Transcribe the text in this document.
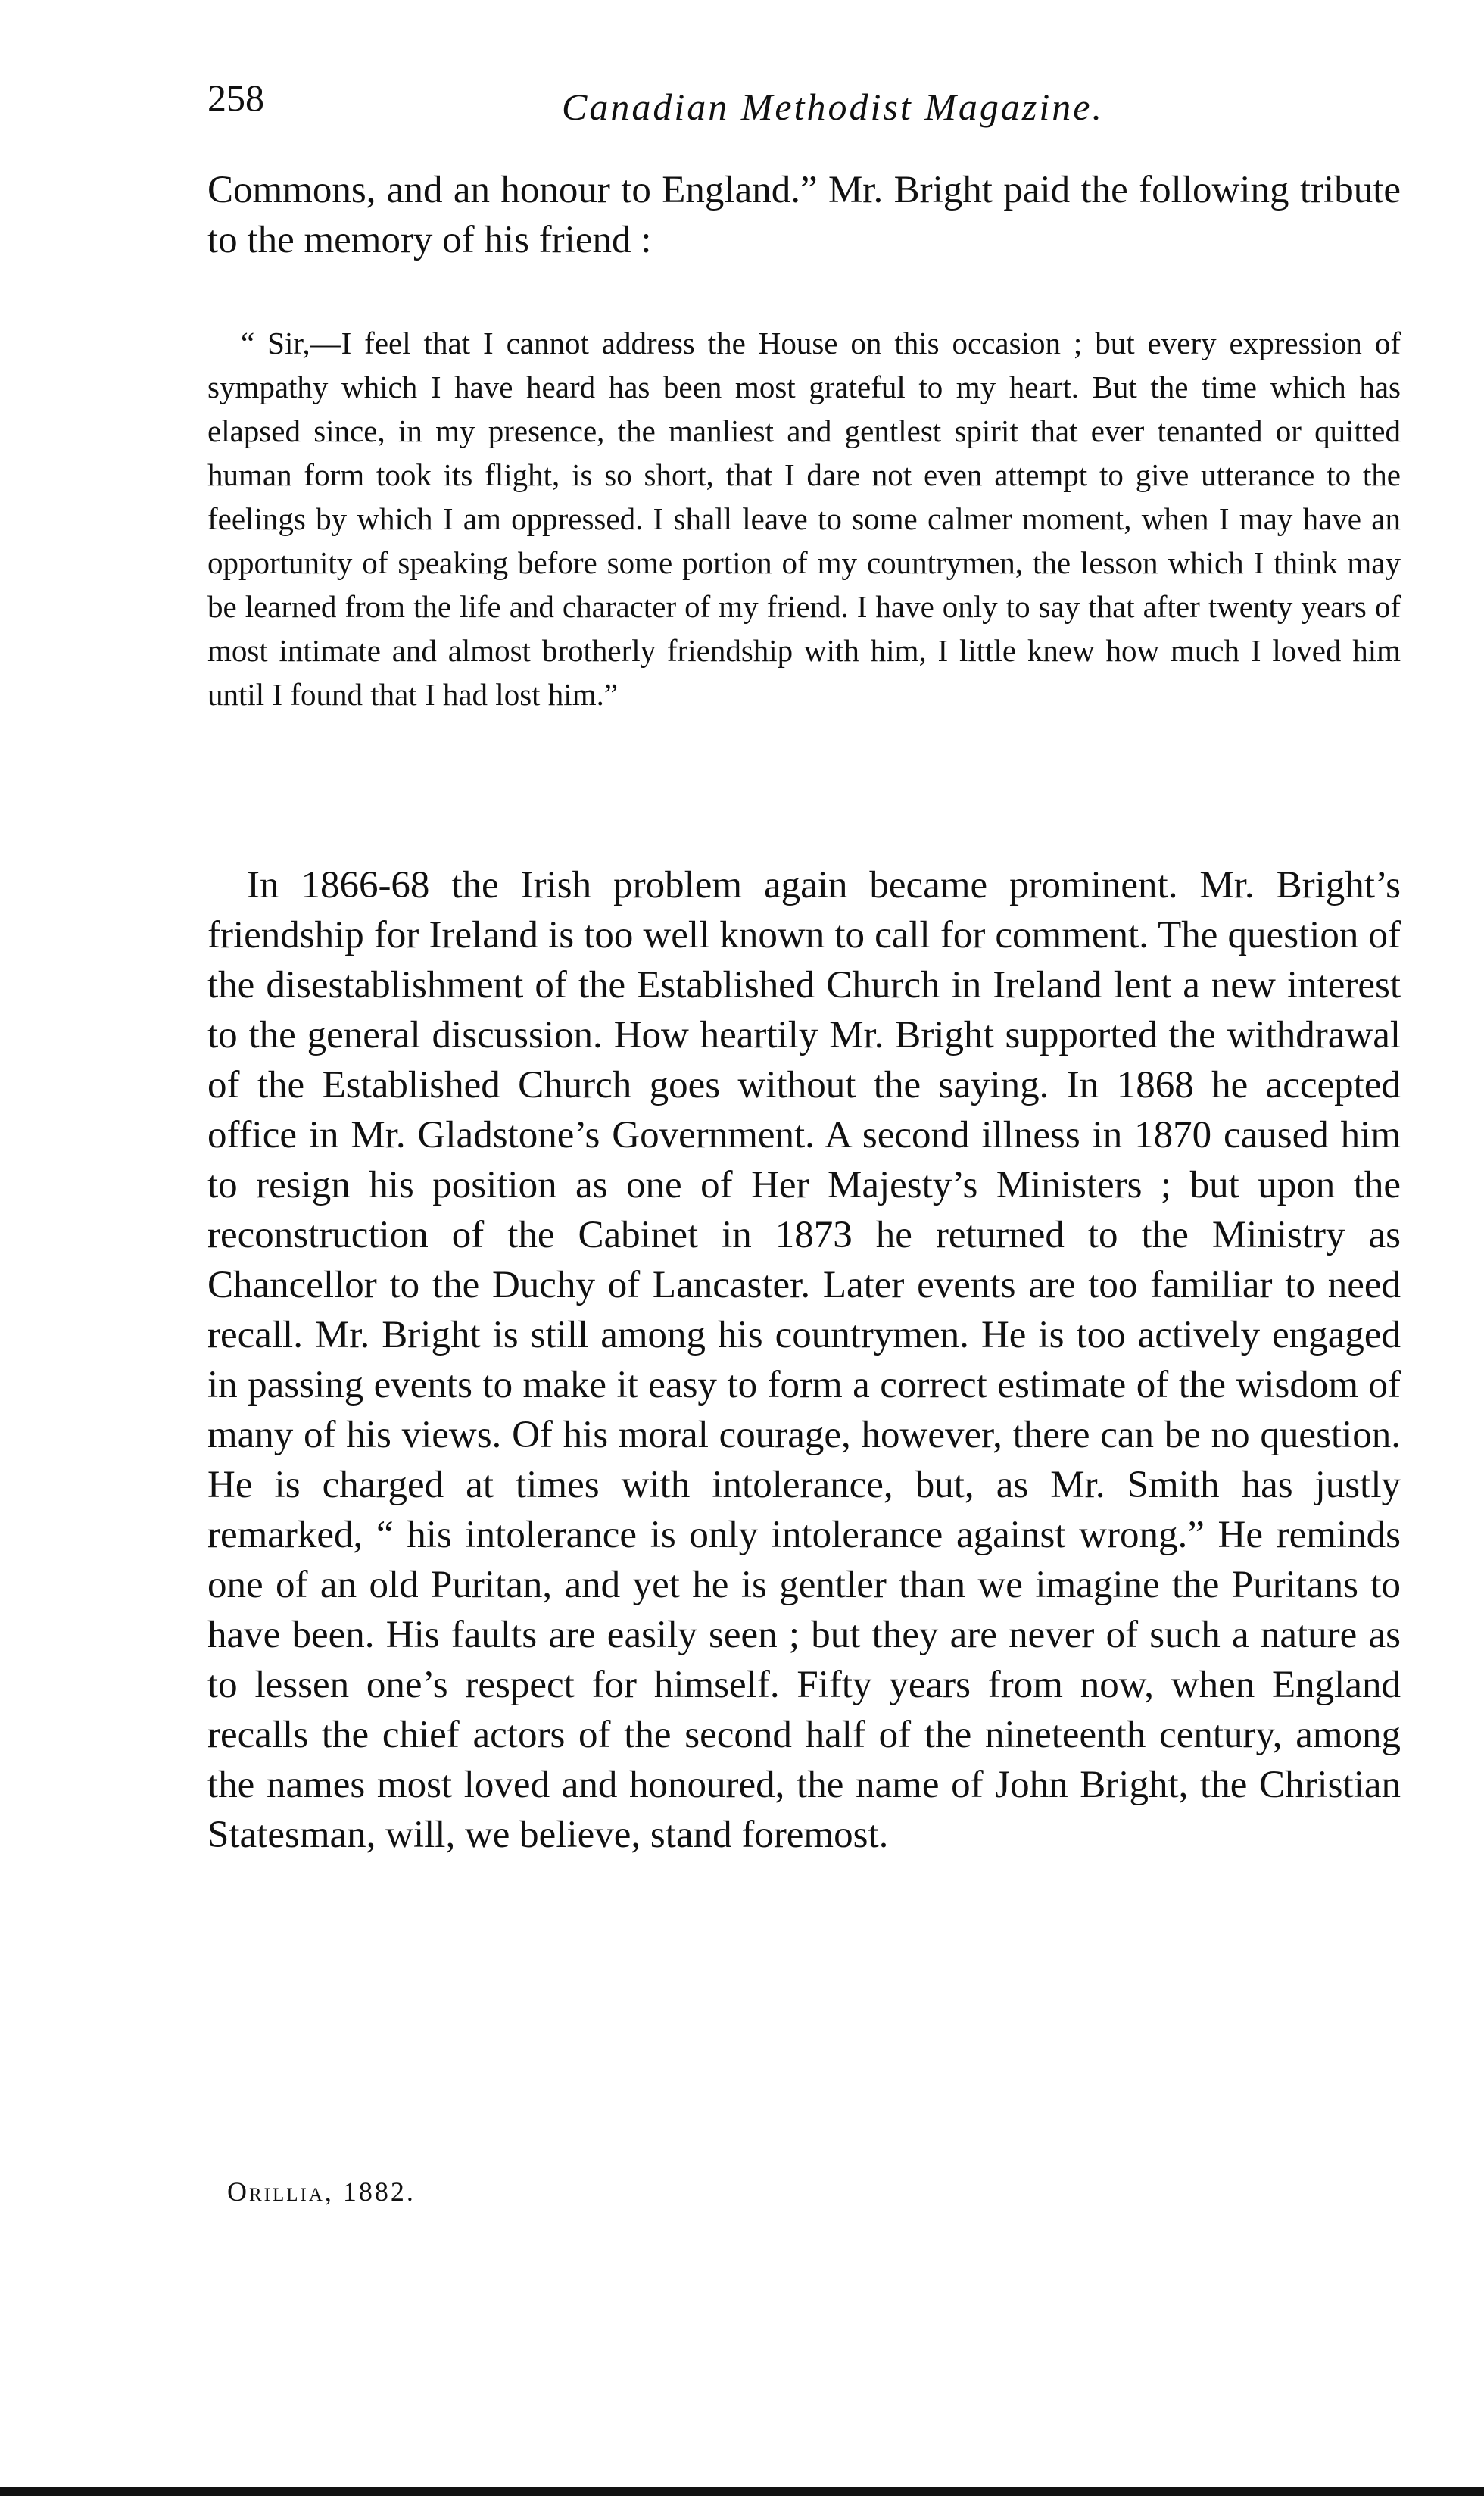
258	Canadian Methodist Magazine.

Commons, and an honour to England.” Mr. Bright paid the following tribute to the memory of his friend :

“ Sir,—I feel that I cannot address the House on this occasion ; but every expression of sympathy which I have heard has been most grateful to my heart. But the time which has elapsed since, in my presence, the manliest and gentlest spirit that ever tenanted or quitted human form took its flight, is so short, that I dare not even attempt to give utterance to the feelings by which I am oppressed. I shall leave to some calmer moment, when I may have an opportunity of speaking before some portion of my countrymen, the lesson which I think may be learned from the life and character of my friend. I have only to say that after twenty years of most intimate and almost brotherly friendship with him, I little knew how much I loved him until I found that I had lost him.”

In 1866-68 the Irish problem again became prominent. Mr. Bright’s friendship for Ireland is too well known to call for comment. The question of the disestablishment of the Established Church in Ireland lent a new interest to the general discussion. How heartily Mr. Bright supported the withdrawal of the Established Church goes without the saying. In 1868 he accepted office in Mr. Gladstone’s Government. A second illness in 1870 caused him to resign his position as one of Her Majesty’s Ministers ; but upon the reconstruction of the Cabinet in 1873 he returned to the Ministry as Chancellor to the Duchy of Lancaster. Later events are too familiar to need recall. Mr. Bright is still among his countrymen. He is too actively engaged in passing events to make it easy to form a correct estimate of the wisdom of many of his views. Of his moral courage, however, there can be no question. He is charged at times with intolerance, but, as Mr. Smith has justly remarked, “ his intolerance is only intolerance against wrong.” He reminds one of an old Puritan, and yet he is gentler than we imagine the Puritans to have been. His faults are easily seen ; but they are never of such a nature as to lessen one’s respect for himself. Fifty years from now, when England recalls the chief actors of the second half of the nineteenth century, among the names most loved and honoured, the name of John Bright, the Christian Statesman, will, we believe, stand foremost.

Orillia, 1882.
